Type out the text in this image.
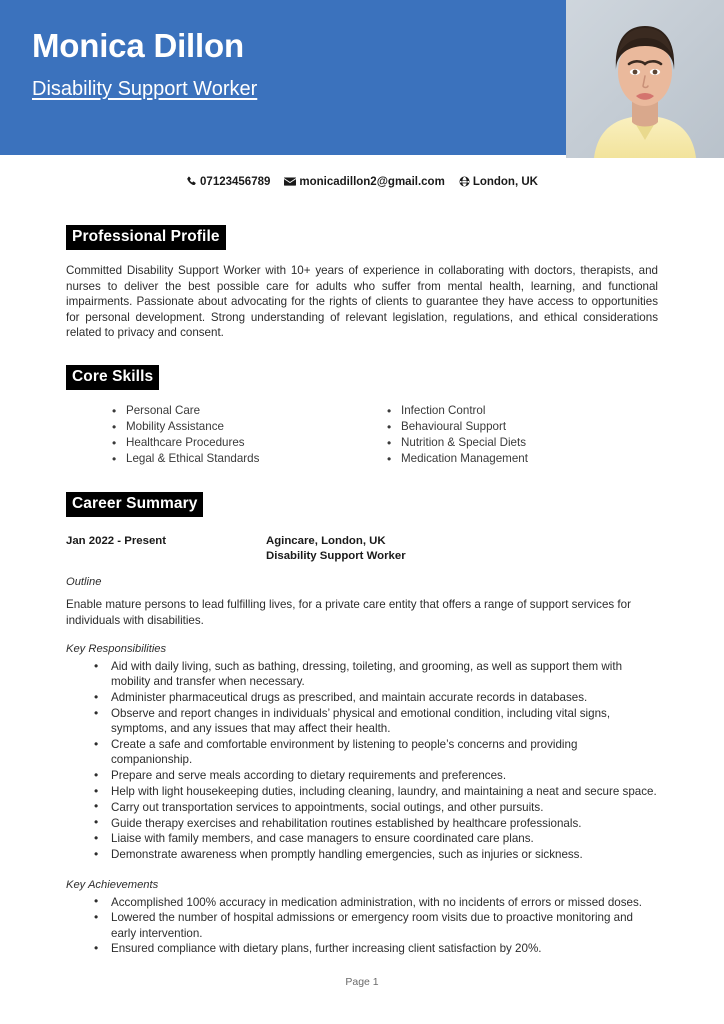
Monica Dillon
Disability Support Worker
07123456789	monicadillon2@gmail.com London, UK
Professional Profile

Committed Disability Support Worker with 10+ years of experience in collaborating with doctors, therapists, and nurses to deliver the best possible care for adults who suffer from mental health, learning, and functional impairments. Passionate about advocating for the rights of clients to guarantee they have access to opportunities for personal development. Strong understanding of relevant legislation, regulations, and ethical considerations related to privacy and consent.

Core Skills
• Personal Care
• Mobility Assistance
• Healthcare Procedures
• Legal & Ethical Standards
• Infection Control
• Behavioural Support
• Nutrition & Special Diets
• Medication Management
Career Summary
Jan 2022 - Present	Agincare, London, UK
Disability Support Worker
Outline
Enable mature persons to lead fulfilling lives, for a private care entity that offers a range of support services for individuals with disabilities.
Key Responsibilities
• Aid with daily living, such as bathing, dressing, toileting, and grooming, as well as support them with mobility and transfer when necessary.
• Administer pharmaceutical drugs as prescribed, and maintain accurate records in databases.
• Observe and report changes in individuals’ physical and emotional condition, including vital signs, symptoms, and any issues that may affect their health.
• Create a safe and comfortable environment by listening to people’s concerns and providing companionship.
• Prepare and serve meals according to dietary requirements and preferences.
• Help with light housekeeping duties, including cleaning, laundry, and maintaining a neat and secure space.
• Carry out transportation services to appointments, social outings, and other pursuits.
• Guide therapy exercises and rehabilitation routines established by healthcare professionals.
• Liaise with family members, and case managers to ensure coordinated care plans.
• Demonstrate awareness when promptly handling emergencies, such as injuries or sickness.
Key Achievements
• Accomplished 100% accuracy in medication administration, with no incidents of errors or missed doses.
• Lowered the number of hospital admissions or emergency room visits due to proactive monitoring and early intervention.
• Ensured compliance with dietary plans, further increasing client satisfaction by 20%.
Page 1
